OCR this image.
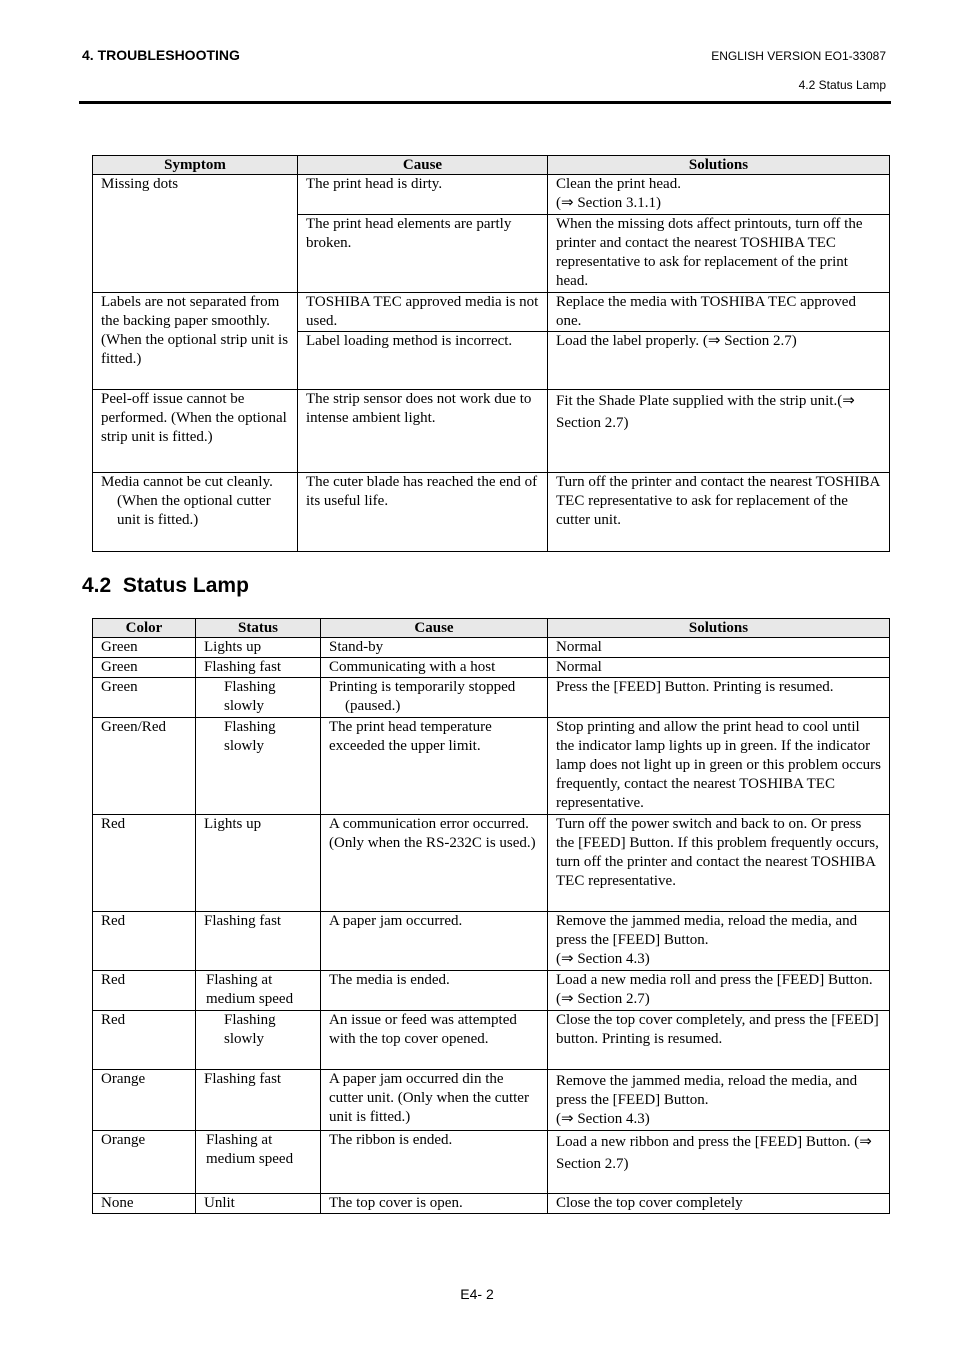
4. TROUBLESHOOTING	ENGLISH VERSION EO1-33087
4.2 Status Lamp
Symptom	Cause	Solutions
Missing dots	The print head is dirty.	Clean the print head.
(⇒ Section 3.1.1)

	The print head elements are partly broken.	When the missing dots affect printouts, turn off the printer and contact the nearest TOSHIBA TEC representative to ask for replacement of the print head.
Labels are not separated from the backing paper smoothly. (When the optional strip unit is fitted.)	TOSHIBA TEC approved media is not used.	Replace the media with TOSHIBA TEC approved one.
	Label loading method is incorrect.	Load the label properly. (⇒ Section 2.7)
Peel-off issue cannot be performed. (When the optional strip unit is fitted.)	The strip sensor does not work due to intense ambient light.	Fit the Shade Plate supplied with the strip unit.(⇒ Section 2.7)
Media cannot be cut cleanly. (When the optional cutter unit is fitted.)	The cuter blade has reached the end of its useful life.	Turn off the printer and contact the nearest TOSHIBA TEC representative to ask for replacement of the cutter unit.
4.2 Status Lamp
Color	Status	Cause	Solutions
Green	Lights up	Stand-by	Normal
Green	Flashing fast	Communicating with a host	Normal
Green	Flashing slowly	Printing is temporarily stopped (paused.)	Press the [FEED] Button. Printing is resumed.
Green/Red	Flashing slowly	The print head temperature exceeded the upper limit.	Stop printing and allow the print head to cool until the indicator lamp lights up in green. If the indicator lamp does not light up in green or this problem occurs frequently, contact the nearest TOSHIBA TEC representative.
Red	Lights up	A communication error occurred. (Only when the RS-232C is used.)	Turn off the power switch and back to on. Or press the [FEED] Button. If this problem frequently occurs, turn off the printer and contact the nearest TOSHIBA TEC representative.
Red	Flashing fast	A paper jam occurred.	Remove the jammed media, reload the media, and press the [FEED] Button.
(⇒ Section 4.3)

Red	Flashing at medium speed	The media is ended.	Load a new media roll and press the [FEED] Button. (⇒ Section 2.7)
Red	Flashing slowly	An issue or feed was attempted with the top cover opened.	Close the top cover completely, and press the [FEED] button. Printing is resumed.
Orange	Flashing fast	A paper jam occurred din the cutter unit. (Only when the cutter unit is fitted.)	Remove the jammed media, reload the media, and press the [FEED] Button.
(⇒ Section 4.3)

Orange	Flashing at medium speed	The ribbon is ended.	Load a new ribbon and press the [FEED] Button. (⇒ Section 2.7)
None	Unlit	The top cover is open.	Close the top cover completely
E4- 2
